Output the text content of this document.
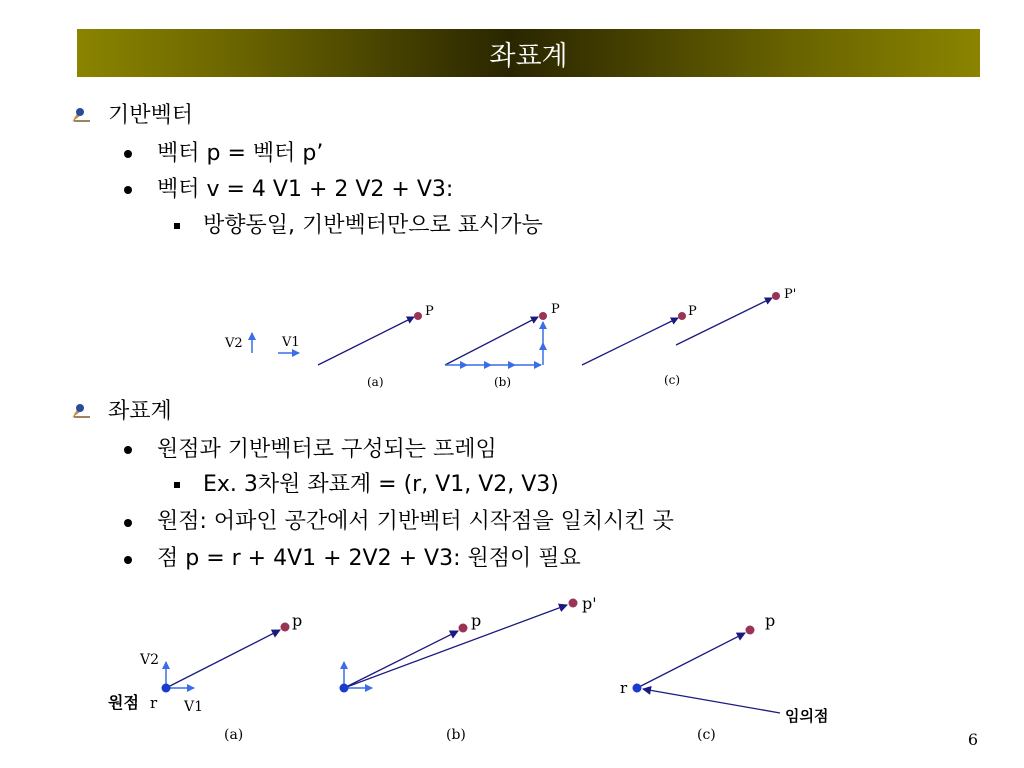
좌표계
기반벡터
벡터 p = 벡터 p’
벡터 v = 4 V1 + 2 V2 + V3:
방향동일, 기반벡터만으로 표시가능
V2	V1
P
(a)
P
(b)
P
P'
(c)
좌표계
원점과 기반벡터로 구성되는 프레임
Ex. 3차원 좌표계 = (r, V1, V2, V3)
원점: 어파인 공간에서 기반벡터 시작점을 일치시킨 곳
점 p = r + 4V1 + 2V2 + V3: 원점이 필요
p
V2
V1
원점 r
(a)
p
p'
(b)
p
r
임의점
(c)	6
